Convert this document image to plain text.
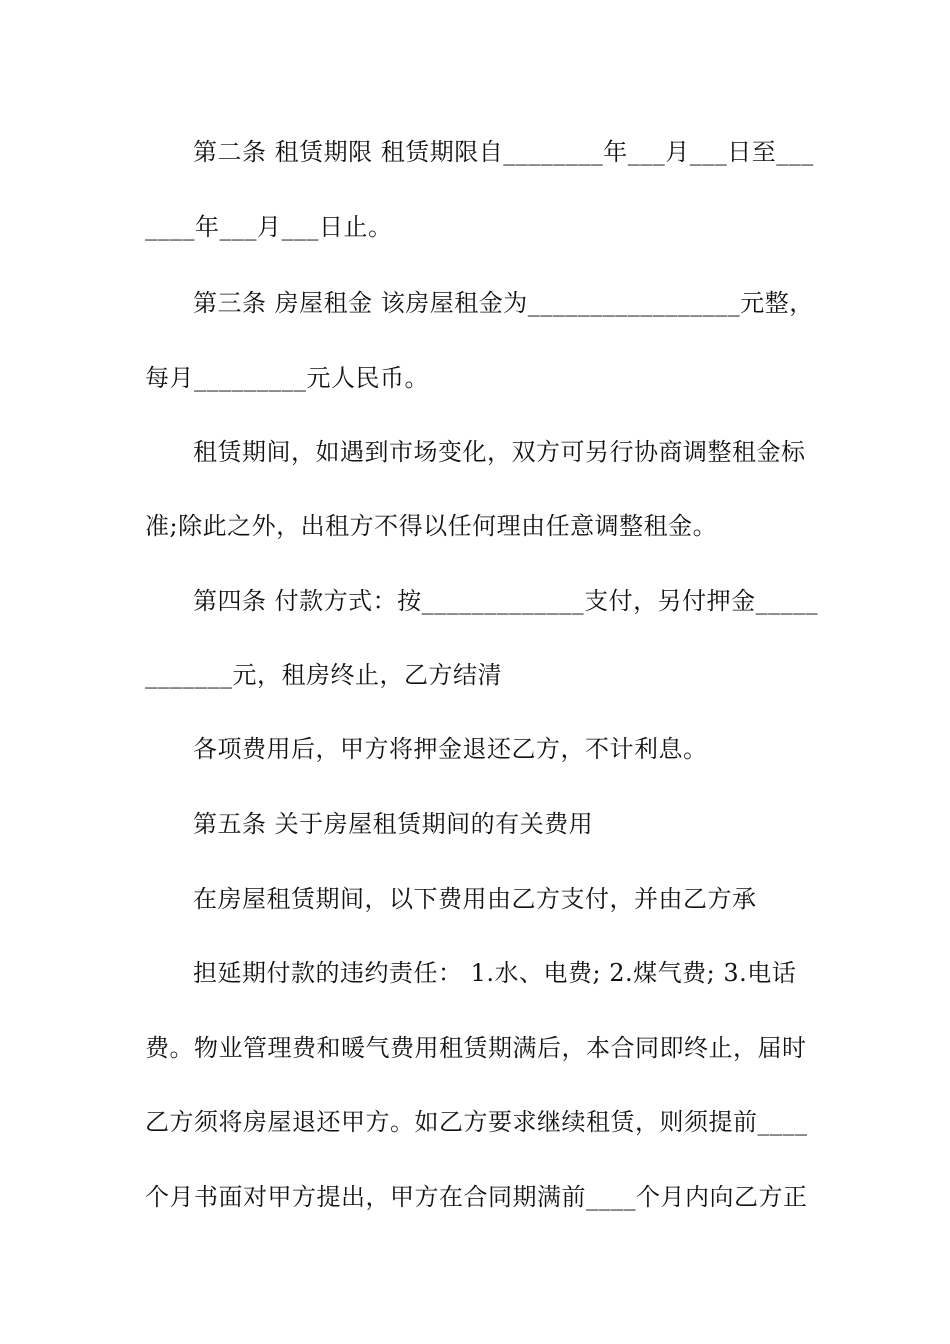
第二条 租赁期限 租赁期限自________年___月___日至___
____年___月___日止。
第三条 房屋租金 该房屋租金为_________________元整，
每月_________元人民币。
租赁期间，如遇到市场变化，双方可另行协商调整租金标
准;除此之外，出租方不得以任何理由任意调整租金。
第四条 付款方式：按_____________支付，另付押金_____
_______元，租房终止，乙方结清
各项费用后，甲方将押金退还乙方，不计利息。
第五条 关于房屋租赁期间的有关费用
在房屋租赁期间，以下费用由乙方支付，并由乙方承
担延期付款的违约责任： 1.水、电费; 2.煤气费; 3.电话
费。物业管理费和暖气费用租赁期满后，本合同即终止，届时
乙方须将房屋退还甲方。如乙方要求继续租赁，则须提前____
个月书面对甲方提出，甲方在合同期满前____个月内向乙方正
